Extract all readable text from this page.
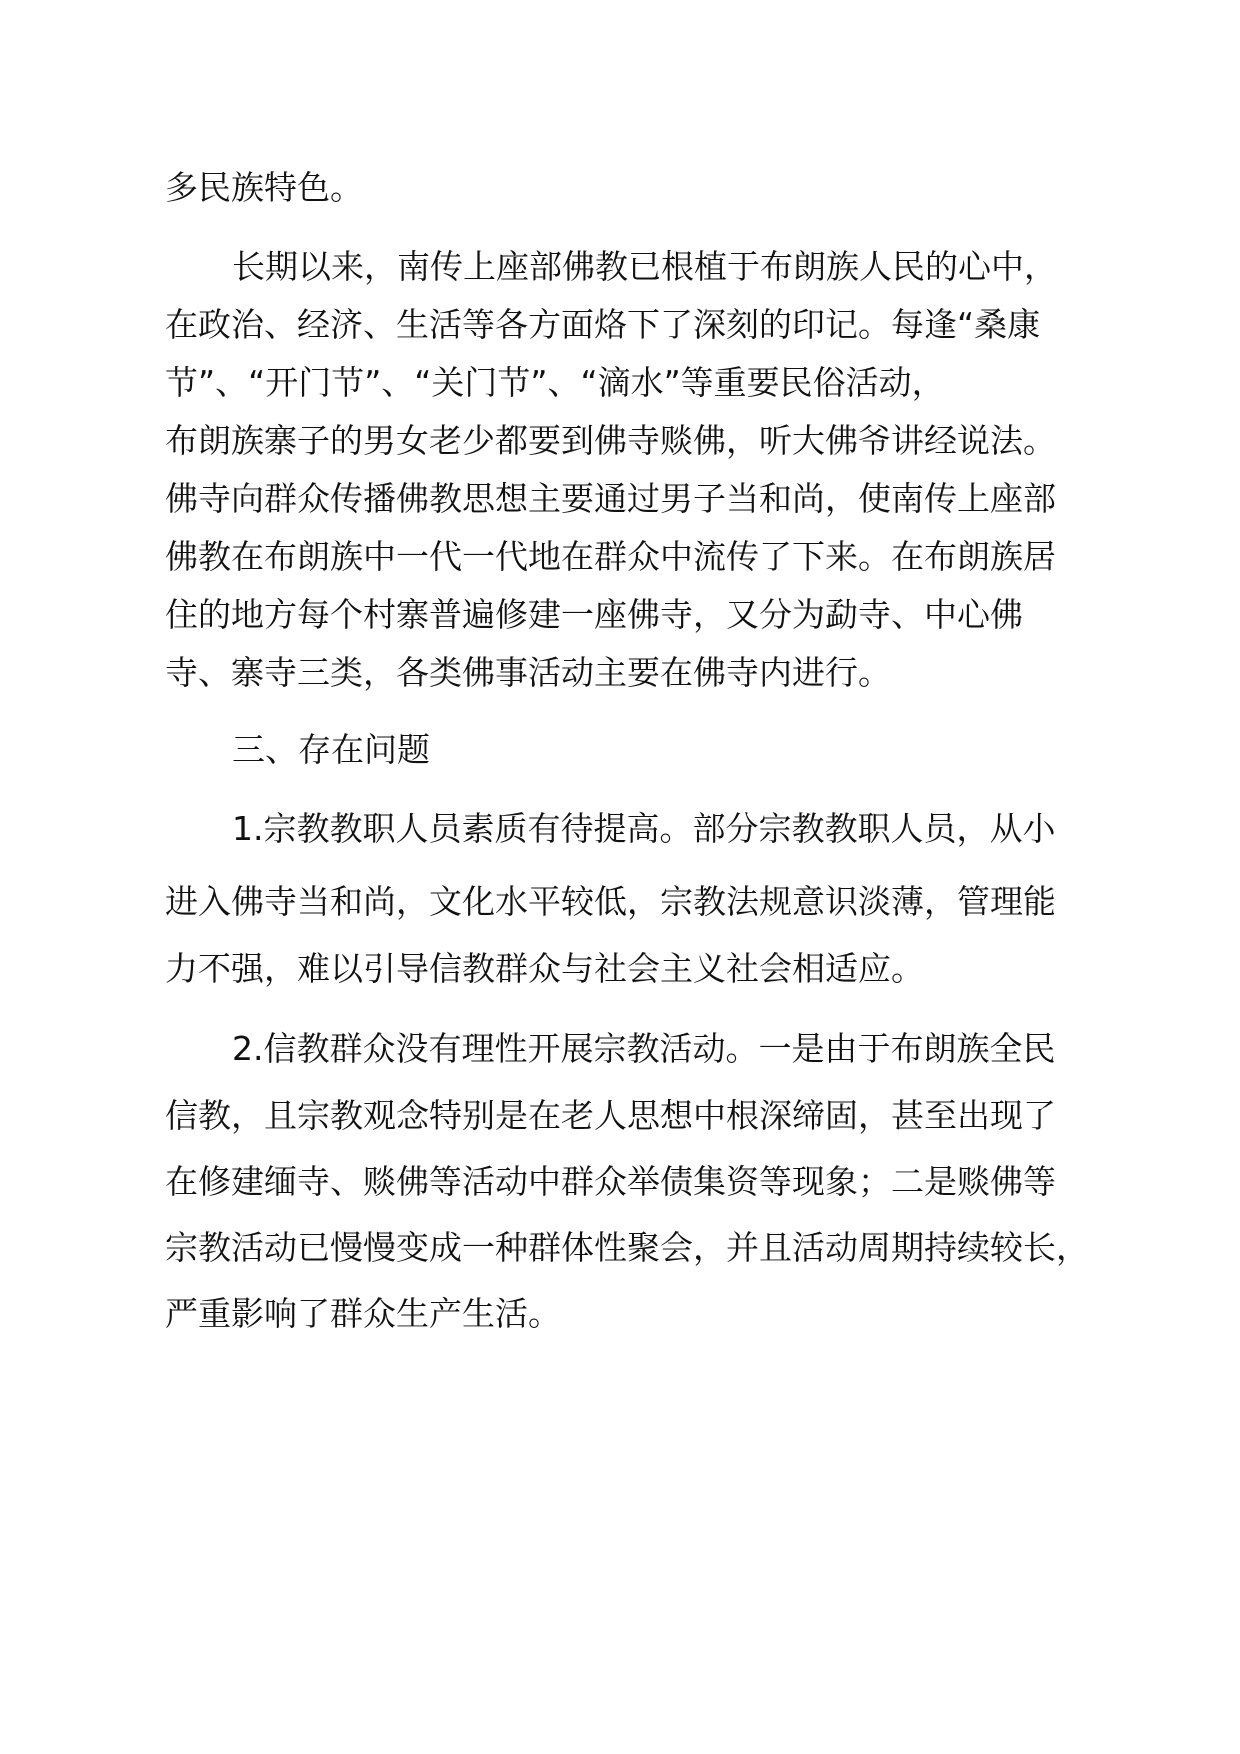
多民族特色。

长期以来，南传上座部佛教已根植于布朗族人民的心中，

在政治、经济、生活等各方面烙下了深刻的印记。每逢“桑康

节”、“开门节”、“关门节”、“滴水”等重要民俗活动，

布朗族寨子的男女老少都要到佛寺赕佛，听大佛爷讲经说法。

佛寺向群众传播佛教思想主要通过男子当和尚，使南传上座部

佛教在布朗族中一代一代地在群众中流传了下来。在布朗族居

住的地方每个村寨普遍修建一座佛寺，又分为勐寺、中心佛

寺、寨寺三类，各类佛事活动主要在佛寺内进行。

三、存在问题

1.宗教教职人员素质有待提高。部分宗教教职人员，从小

进入佛寺当和尚，文化水平较低，宗教法规意识淡薄，管理能

力不强，难以引导信教群众与社会主义社会相适应。

2.信教群众没有理性开展宗教活动。一是由于布朗族全民

信教，且宗教观念特别是在老人思想中根深缔固，甚至出现了

在修建缅寺、赕佛等活动中群众举债集资等现象；二是赕佛等

宗教活动已慢慢变成一种群体性聚会，并且活动周期持续较长，

严重影响了群众生产生活。
